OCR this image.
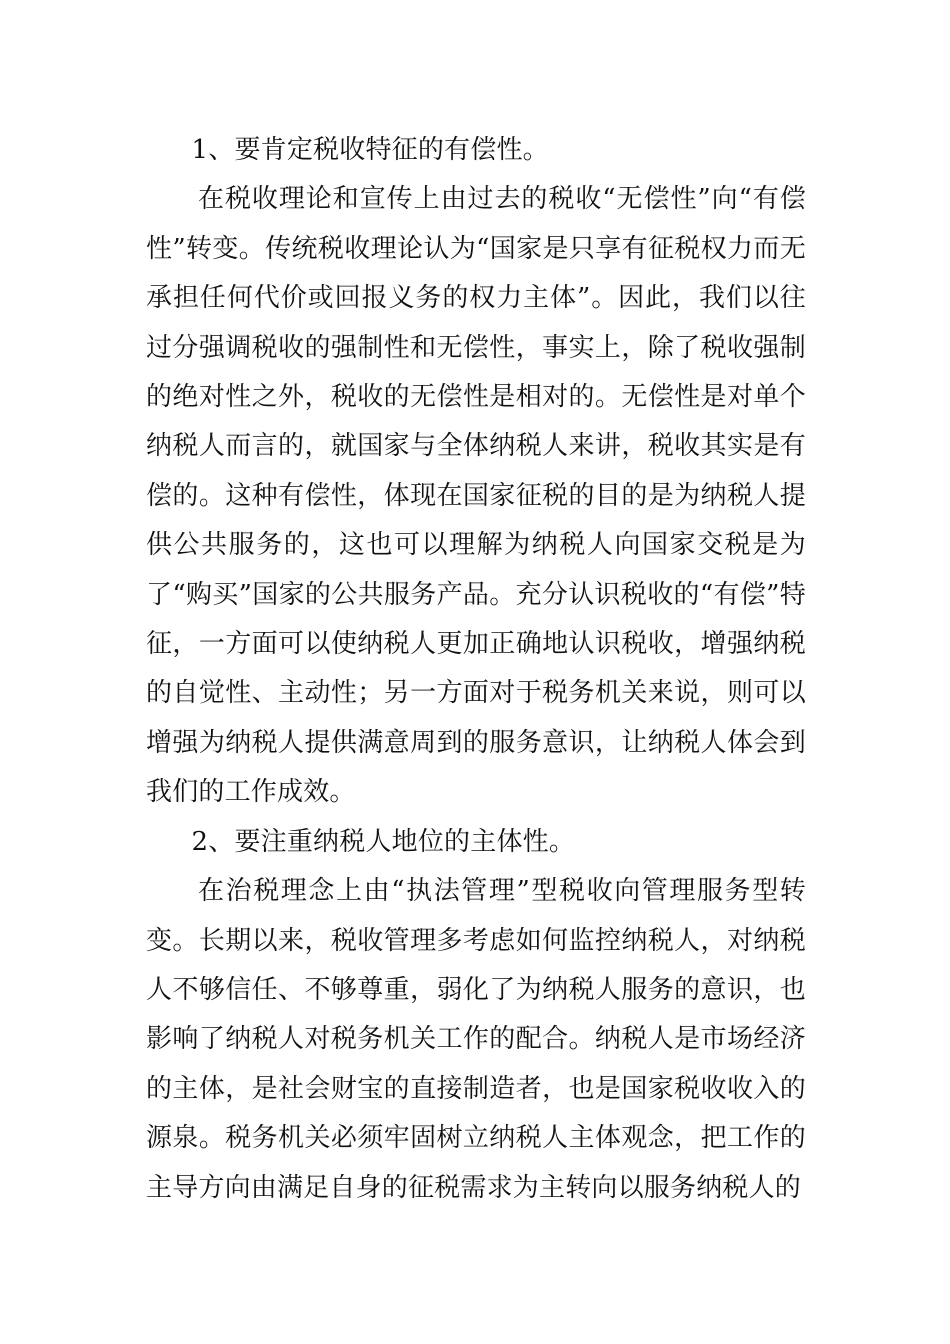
1、要肯定税收特征的有偿性。

在税收理论和宣传上由过去的税收“无偿性”向“有偿性”转变。传统税收理论认为“国家是只享有征税权力而无承担任何代价或回报义务的权力主体”。因此，我们以往过分强调税收的强制性和无偿性，事实上，除了税收强制的绝对性之外，税收的无偿性是相对的。无偿性是对单个纳税人而言的，就国家与全体纳税人来讲，税收其实是有偿的。这种有偿性，体现在国家征税的目的是为纳税人提供公共服务的，这也可以理解为纳税人向国家交税是为了“购买”国家的公共服务产品。充分认识税收的“有偿”特征，一方面可以使纳税人更加正确地认识税收，增强纳税的自觉性、主动性；另一方面对于税务机关来说，则可以增强为纳税人提供满意周到的服务意识，让纳税人体会到我们的工作成效。

2、要注重纳税人地位的主体性。

在治税理念上由“执法管理”型税收向管理服务型转变。长期以来，税收管理多考虑如何监控纳税人，对纳税人不够信任、不够尊重，弱化了为纳税人服务的意识，也影响了纳税人对税务机关工作的配合。纳税人是市场经济的主体，是社会财宝的直接制造者，也是国家税收收入的源泉。税务机关必须牢固树立纳税人主体观念，把工作的主导方向由满足自身的征税需求为主转向以服务纳税人的
